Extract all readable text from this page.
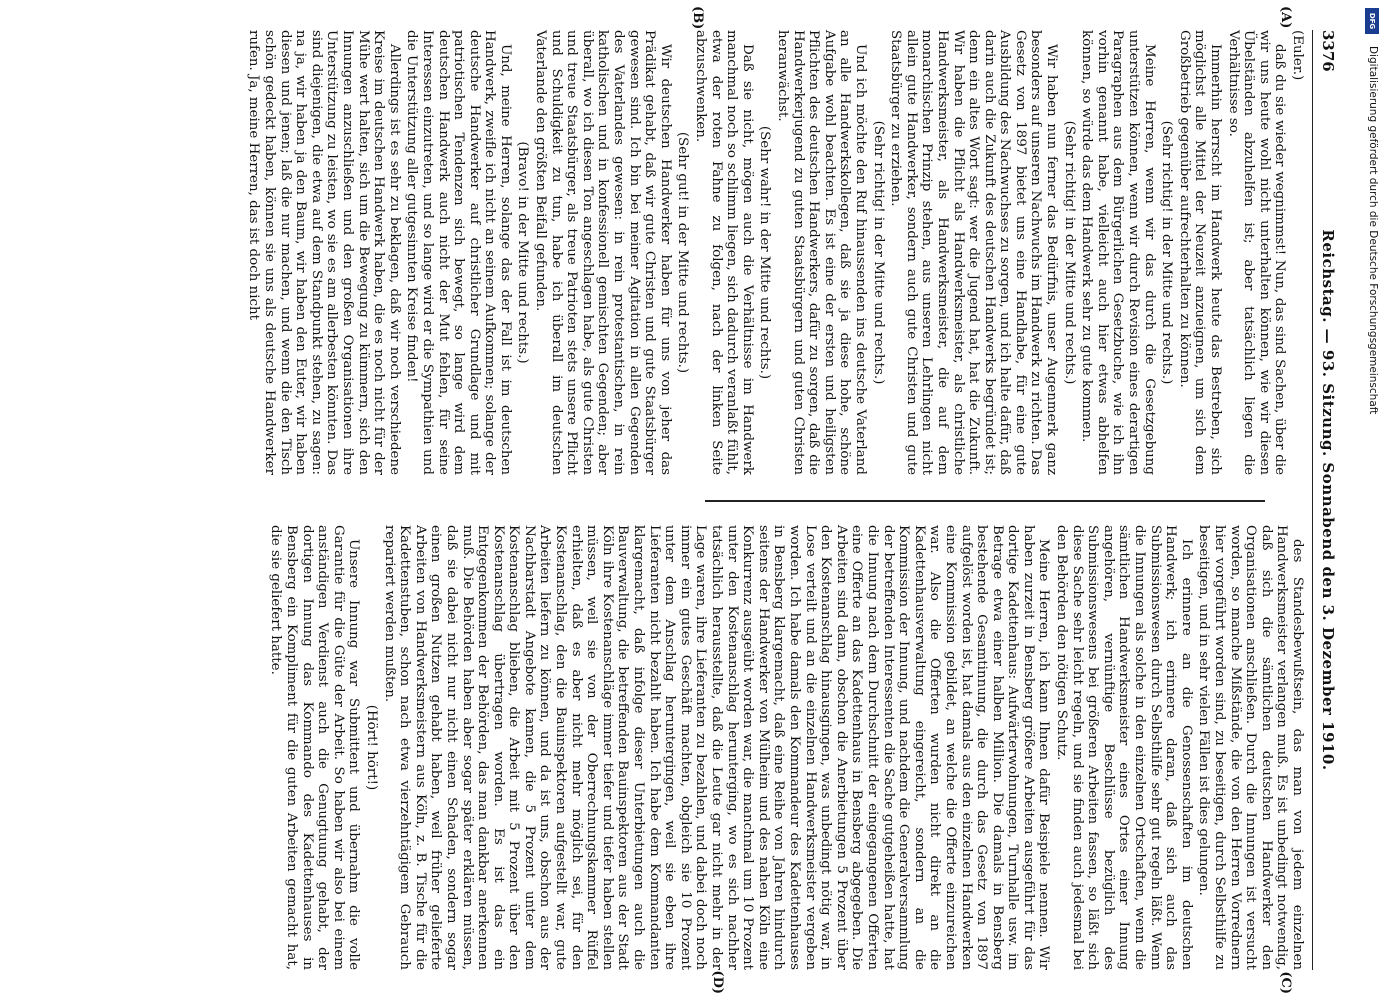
3376
Reichstag. — 93. Sitzung. Sonnabend den 3. Dezember 1910.
(A)
(B)

(Euler.)

daß du sie wieder wegnimmst! Nun, das sind Sachen, über die wir uns heute wohl nicht unterhalten können, wie wir diesen Übelständen abzuhelfen ist; aber tatsächlich liegen die Verhältnisse so.

Immerhin herrscht im Handwerk heute das Bestreben, sich möglichst alle Mittel der Neuzeit anzueignen, um sich dem Großbetrieb gegenüber aufrechterhalten zu können.

(Sehr richtig! in der Mitte und rechts.)

Meine Herren, wenn wir das durch die Gesetzgebung unterstützen können, wenn wir durch Revision eines derartigen Paragraphen aus dem Bürgerlichen Gesetzbuche, wie ich ihn vorhin genannt habe, vielleicht auch hier etwas abhelfen können, so würde das dem Handwerk sehr zu gute kommen.

(Sehr richtig! in der Mitte und rechts.)

Wir haben nun ferner das Bedürfnis, unser Augenmerk ganz besonders auf unseren Nachwuchs im Handwerk zu richten. Das Gesetz von 1897 bietet uns eine Handhabe, für eine gute Ausbildung des Nachwuchses zu sorgen, und ich halte dafür, daß darin auch die Zukunft des deutschen Handwerks begründet ist; denn ein altes Wort sagt: wer die Jugend hat, hat die Zukunft. Wir haben die Pflicht als Handwerksmeister, als christliche Handwerksmeister, als Handwerksmeister, die auf dem monarchischen Prinzip stehen, aus unseren Lehrlingen nicht allein gute Handwerker, sondern auch gute Christen und gute Staatsbürger zu erziehen.

(Sehr richtig! in der Mitte und rechts.)

Und ich möchte den Ruf hinaussenden ins deutsche Vaterland an alle Handwerkskollegen, daß sie ja diese hohe, schöne Aufgabe wohl beachten. Es ist eine der ersten und heiligsten Pflichten des deutschen Handwerkers, dafür zu sorgen, daß die Handwerkerjugend zu guten Staatsbürgern und guten Christen heranwächst.

(Sehr wahr! in der Mitte und rechts.)

Daß sie nicht, mögen auch die Verhältnisse im Handwerk manchmal noch so schlimm liegen, sich dadurch veranlaßt fühlt, etwa der roten Fahne zu folgen, nach der linken Seite abzuschwenken.

(Sehr gut! in der Mitte und rechts.)

Wir deutschen Handwerker haben für uns von jeher das Prädikat gehabt, daß wir gute Christen und gute Staatsbürger gewesen sind. Ich bin bei meiner Agitation in allen Gegenden des Vaterlandes gewesen: in rein protestantischen, in rein katholischen und in konfessionell gemischten Gegenden; aber überall, wo ich diesen Ton angeschlagen habe, als gute Christen und treue Staatsbürger, als treue Patrioten stets unsere Pflicht und Schuldigkeit zu tun, habe ich überall im deutschen Vaterlande den größten Beifall gefunden.

(Bravo! in der Mitte und rechts.)

Und, meine Herren, solange das der Fall ist im deutschen Handwerk, zweifle ich nicht an seinem Aufkommen; solange der deutsche Handwerker auf christlicher Grundlage und mit patriotischen Tendenzen sich bewegt, so lange wird dem deutschen Handwerk auch nicht der Mut fehlen, für seine Interessen einzutreten, und so lange wird er die Sympathien und die Unterstützung aller gutgesinnten Kreise finden!

Allerdings ist es sehr zu beklagen, daß wir noch verschiedene Kreise im deutschen Handwerk haben, die es noch nicht für der Mühe wert halten, sich um die Bewegung zu kümmern, sich den Innungen anzuschließen und den großen Organisationen ihre Unterstützung zu leisten, wo sie es am allerbesten könnten. Das sind diejenigen, die etwa auf dem Standpunkt stehen, zu sagen: na ja, wir haben ja den Baum, wir haben den Euter, wir haben diesen und jenen; laß die nur machen, und wenn die den Tisch schön gedeckt haben, können sie uns als deutsche Handwerker rufen. Ja, meine Herren, das ist doch nicht

(C)
(D)

des Standesbewußtsein, das man von jedem einzelnen Handwerksmeister verlangen muß. Es ist unbedingt notwendig, daß sich die sämtlichen deutschen Handwerker den Organisationen anschließen. Durch die Innungen ist versucht worden, so manche Mißstände, die von den Herren Vorrednern hier vorgeführt worden sind, zu beseitigen, durch Selbsthilfe zu beseitigen, und in sehr vielen Fällen ist dies gelungen.

Ich erinnere an die Genossenschaften im deutschen Handwerk; ich erinnere daran, daß sich auch das Submissionswesen durch Selbsthilfe sehr gut regeln läßt. Wenn die Innungen als solche in den einzelnen Ortschaften, wenn die sämtlichen Handwerksmeister eines Ortes einer Innung angehören, vernünftige Beschlüsse bezüglich des Submissionswesens bei größeren Arbeiten fassen, so läßt sich diese Sache sehr leicht regeln, und sie finden auch jedesmal bei den Behörden den nötigen Schutz.

Meine Herren, ich kann Ihnen dafür Beispiele nennen. Wir haben zurzeit in Bensberg größere Arbeiten ausgeführt für das dortige Kadettenhaus: Aufwärterwohnungen, Turnhalle usw. im Betrage etwa einer halben Million. Die damals in Bensberg bestehende Gesamtinnung, die durch das Gesetz von 1897 aufgelöst worden ist, hat damals aus den einzelnen Handwerken eine Kommission gebildet, an welche die Offerte einzureichen war. Also die Offerten wurden nicht direkt an die Kadettenhausverwaltung eingereicht, sondern an die Kommission der Innung, und nachdem die Generalversammlung der betreffenden Interessenten die Sache gutgeheißen hatte, hat die Innung nach dem Durchschnitt der eingegangenen Offerten eine Offerte an das Kadettenhaus in Bensberg abgegeben. Die Arbeiten sind dann, obschon die Anerbietungen 5 Prozent über den Kostenanschlag hinausgingen, was unbedingt nötig war, in Lose verteilt und an die einzelnen Handwerksmeister vergeben worden. Ich habe damals den Kommandeur des Kadettenhauses in Bensberg klargemacht, daß eine Reihe von Jahren hindurch seitens der Handwerker von Mülheim und des nahen Köln eine Konkurrenz ausgeübt worden war, die manchmal um 10 Prozent unter den Kostenanschlag herunterging, wo es sich nachher tatsächlich herausstellte, daß die Leute gar nicht mehr in der Lage waren, ihre Lieferanten zu bezahlen, und dabei doch noch immer ein gutes Geschäft machten, obgleich sie 10 Prozent unter dem Anschlag heruntergingen, weil sie eben ihre Lieferanten nicht bezahlt haben. Ich habe dem Kommandanten klargemacht, daß infolge dieser Unterbietungen auch die Bauverwaltung, die betreffenden Bauinspektoren aus der Stadt Köln ihre Kostenanschläge immer tiefer und tiefer haben stellen müssen, weil sie von der Oberrechnungskammer Rüffel erhielten, daß es aber nicht mehr möglich sei, für den Kostenanschlag, den die Bauinspektoren aufgestellt war, gute Arbeiten liefern zu können, und da ist uns, obschon aus der Nachbarstadt Angebote kamen, die 5 Prozent unter dem Kostenanschlag blieben, die Arbeit mit 5 Prozent über den Kostenanschlag übertragen worden. Es ist das ein Entgegenkommen der Behörden, das man dankbar anerkennen muß. Die Behörden haben aber sogar später erklären müssen, daß sie dabei nicht nur nicht einen Schaden, sondern sogar einen großen Nutzen gehabt haben, weil früher gelieferte Arbeiten von Handwerksmeistern aus Köln, z. B. Tische für die Kadettenstuben, schon nach etwa vierzehntägigem Gebrauch repariert werden mußten.

(Hört! hört!)

Unsere Innung war Submittent und übernahm die volle Garantie für die Güte der Arbeit. So haben wir also bei einem anständigen Verdienst auch die Genugtuung gehabt, der dortigen Innung das Kommando des Kadettenhauses in Bensberg ein Kompliment für die guten Arbeiten gemacht hat, die sie geliefert hatte.

Digitalisierung gefördert durch die Deutsche Forschungsgemeinschaft
DFG
